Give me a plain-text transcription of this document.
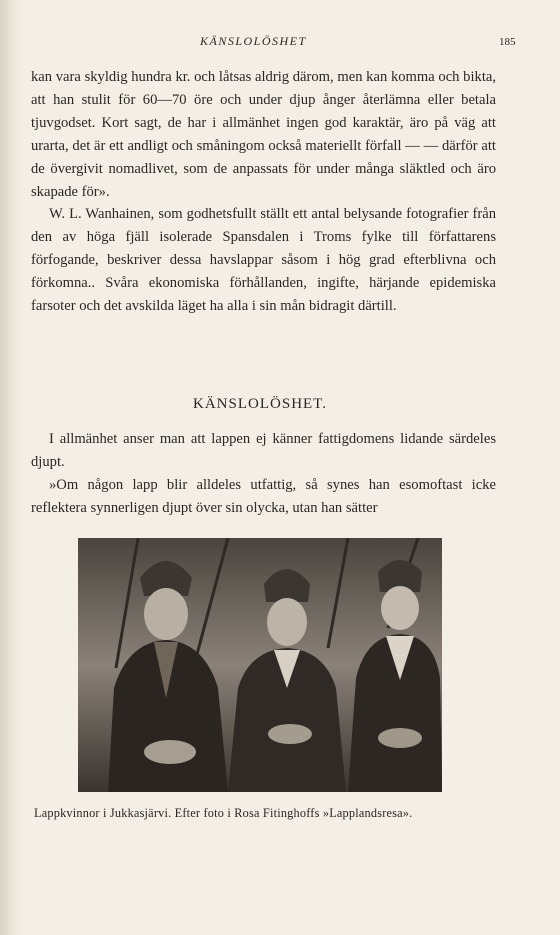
KÄNSLOLÖSHET	185

kan vara skyldig hundra kr. och låtsas aldrig därom, men kan komma och bikta, att han stulit för 60—70 öre och under djup ånger återlämna eller betala tjuvgodset. Kort sagt, de har i allmänhet ingen god karaktär, äro på väg att urarta, det är ett andligt och småningom också materiellt förfall — — därför att de övergivit nomadlivet, som de anpassats för under många släktled och äro skapade för».

W. L. Wanhainen, som godhetsfullt ställt ett antal belysande fotografier från den av höga fjäll isolerade Spansdalen i Troms fylke till författarens förfogande, beskriver dessa havslappar såsom i hög grad efterblivna och förkomna.. Svåra ekonomiska förhållanden, ingifte, härjande epidemiska farsoter och det avskilda läget ha alla i sin mån bidragit därtill.

KÄNSLOLÖSHET.

I allmänhet anser man att lappen ej känner fattigdomens lidande särdeles djupt.

»Om någon lapp blir alldeles utfattig, så synes han esomoftast icke reflektera synnerligen djupt över sin olycka, utan han sätter

Lappkvinnor i Jukkasjärvi. Efter foto i Rosa Fitinghoffs »Lapplandsresa».
